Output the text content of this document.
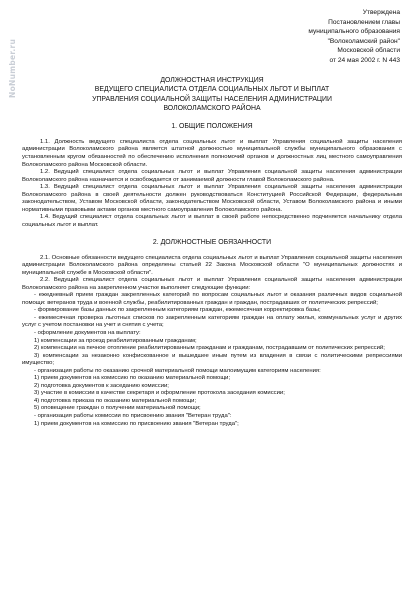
NoNumber.ru
Утверждена
Постановлением главы
муниципального образования
"Волоколамский район"
Московской области
от 24 мая 2002 г. N 443
ДОЛЖНОСТНАЯ ИНСТРУКЦИЯ
ВЕДУЩЕГО СПЕЦИАЛИСТА ОТДЕЛА СОЦИАЛЬНЫХ ЛЬГОТ И ВЫПЛАТ
УПРАВЛЕНИЯ СОЦИАЛЬНОЙ ЗАЩИТЫ НАСЕЛЕНИЯ АДМИНИСТРАЦИИ
ВОЛОКОЛАМСКОГО РАЙОНА
1. ОБЩИЕ ПОЛОЖЕНИЯ

1.1. Должность ведущего специалиста отдела социальных льгот и выплат Управления социальной защиты населения администрации Волоколамского района является штатной должностью муниципальной службы муниципального образования с установленным кругом обязанностей по обеспечению исполнения полномочий органов и должностных лиц местного самоуправления Волоколамского района Московской области.

1.2. Ведущий специалист отдела социальных льгот и выплат Управления социальной защиты населения администрации Волоколамского района назначается и освобождается от занимаемой должности главой Волоколамского района.

1.3. Ведущий специалист отдела социальных льгот и выплат Управления социальной защиты населения администрации Волоколамского района в своей деятельности должен руководствоваться Конституцией Российской Федерации, федеральным законодательством, Уставом Московской области, законодательством Московской области, Уставом Волоколамского района и иными нормативными правовыми актами органов местного самоуправления Волоколамского района.

1.4. Ведущий специалист отдела социальных льгот и выплат в своей работе непосредственно подчиняется начальнику отдела социальных льгот и выплат.

2. ДОЛЖНОСТНЫЕ ОБЯЗАННОСТИ

2.1. Основные обязанности ведущего специалиста отдела социальных льгот и выплат Управления социальной защиты населения администрации Волоколамского района определены статьей 22 Закона Московской области "О муниципальных должностях и муниципальной службе в Московской области".

2.2. Ведущий специалист отдела социальных льгот и выплат Управления социальной защиты населения администрации Волоколамского района на закрепленном участке выполняет следующие функции:

- ежедневный прием граждан закрепленных категорий по вопросам социальных льгот и оказания различных видов социальной помощи: ветеранов труда и военной службы, реабилитированных граждан и граждан, пострадавших от политических репрессий;

- формирование базы данных по закрепленным категориям граждан, ежемесячная корректировка базы;

- ежемесячная проверка льготных списков по закрепленным категориям граждан на оплату жилья, коммунальных услуг и других услуг с учетом постановки на учет и снятия с учета;

- оформление документов на выплату:

1) компенсации за проезд реабилитированным гражданам;

2) компенсации на печное отопление реабилитированным гражданам и гражданам, пострадавшим от политических репрессий;

3) компенсации за незаконно конфискованное и вышедшее иным путем из владения в связи с политическими репрессиями имущество;

- организация работы по оказанию срочной материальной помощи малоимущим категориям населения:

1) прием документов на комиссию по оказанию материальной помощи;

2) подготовка документов к заседанию комиссии;

3) участие в комиссии в качестве секретаря и оформление протокола заседания комиссии;

4) подготовка приказа по оказанию материальной помощи;

5) оповещение граждан о получении материальной помощи;

- организация работы комиссии по присвоению звания "Ветеран труда":

1) прием документов на комиссию по присвоению звания "Ветеран труда";
